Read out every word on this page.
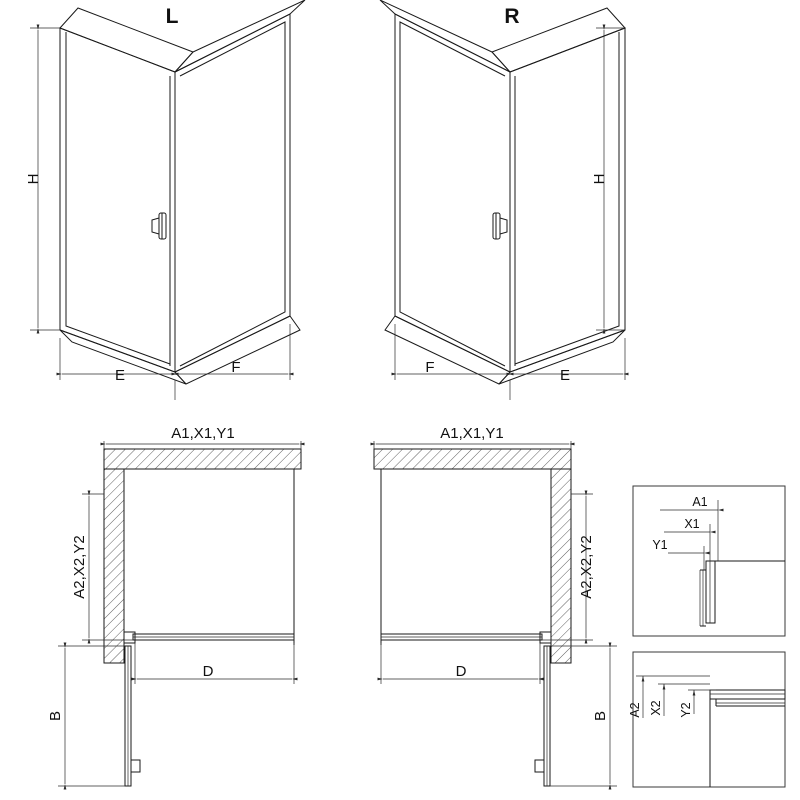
H
L
E	F
H
R
F	E
A1,X1,Y1
A2,X2,Y2
D
B
A1,X1,Y1
A2,X2,Y2
D
B
A1
X1
Y1
A2 X2 Y2
